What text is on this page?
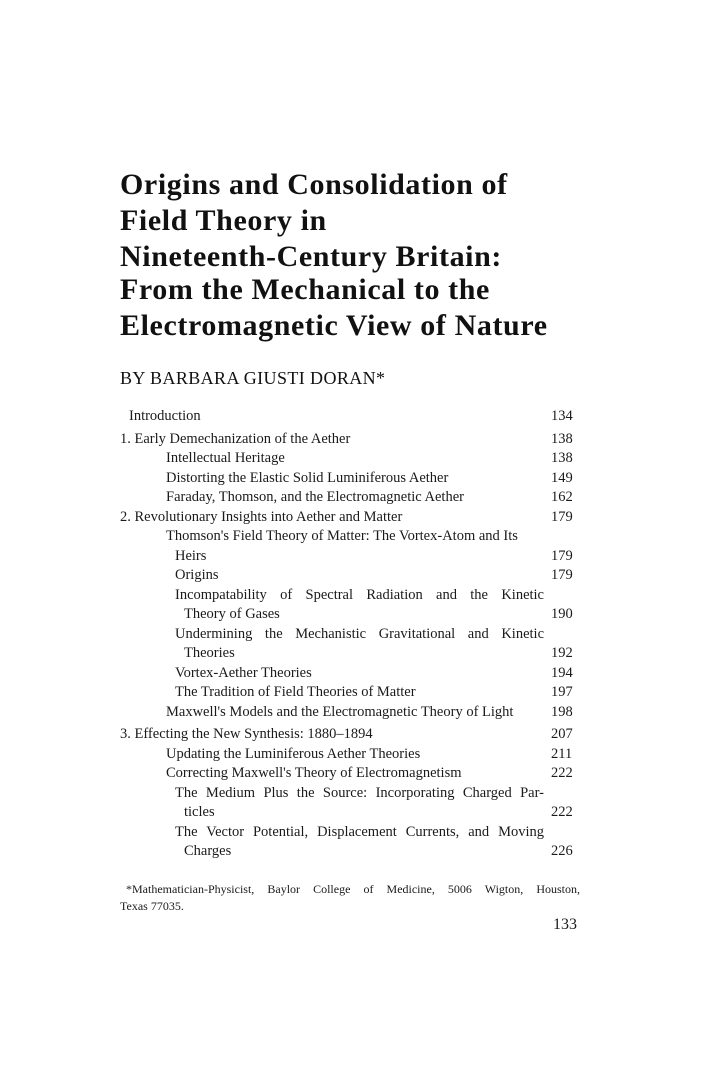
Origins and Consolidation of
Field Theory in
Nineteenth-Century Britain:
From the Mechanical to the
Electromagnetic View of Nature
BY BARBARA GIUSTI DORAN*
Introduction	134
1. Early Demechanization of the Aether	138
Intellectual Heritage	138
Distorting the Elastic Solid Luminiferous Aether	149
Faraday, Thomson, and the Electromagnetic Aether	162
2. Revolutionary Insights into Aether and Matter	179
Thomson's Field Theory of Matter: The Vortex-Atom and Its
Heirs	179
Origins	179
Incompatability of Spectral Radiation and the Kinetic
Theory of Gases	190
Undermining the Mechanistic Gravitational and Kinetic
Theories	192
Vortex-Aether Theories	194
The Tradition of Field Theories of Matter	197
Maxwell's Models and the Electromagnetic Theory of Light	198
3. Effecting the New Synthesis: 1880–1894	207
Updating the Luminiferous Aether Theories	211
Correcting Maxwell's Theory of Electromagnetism	222
The Medium Plus the Source: Incorporating Charged Par-
ticles	222
The Vector Potential, Displacement Currents, and Moving
Charges	226
*Mathematician-Physicist, Baylor College of Medicine, 5006 Wigton, Houston,
Texas 77035.
133
